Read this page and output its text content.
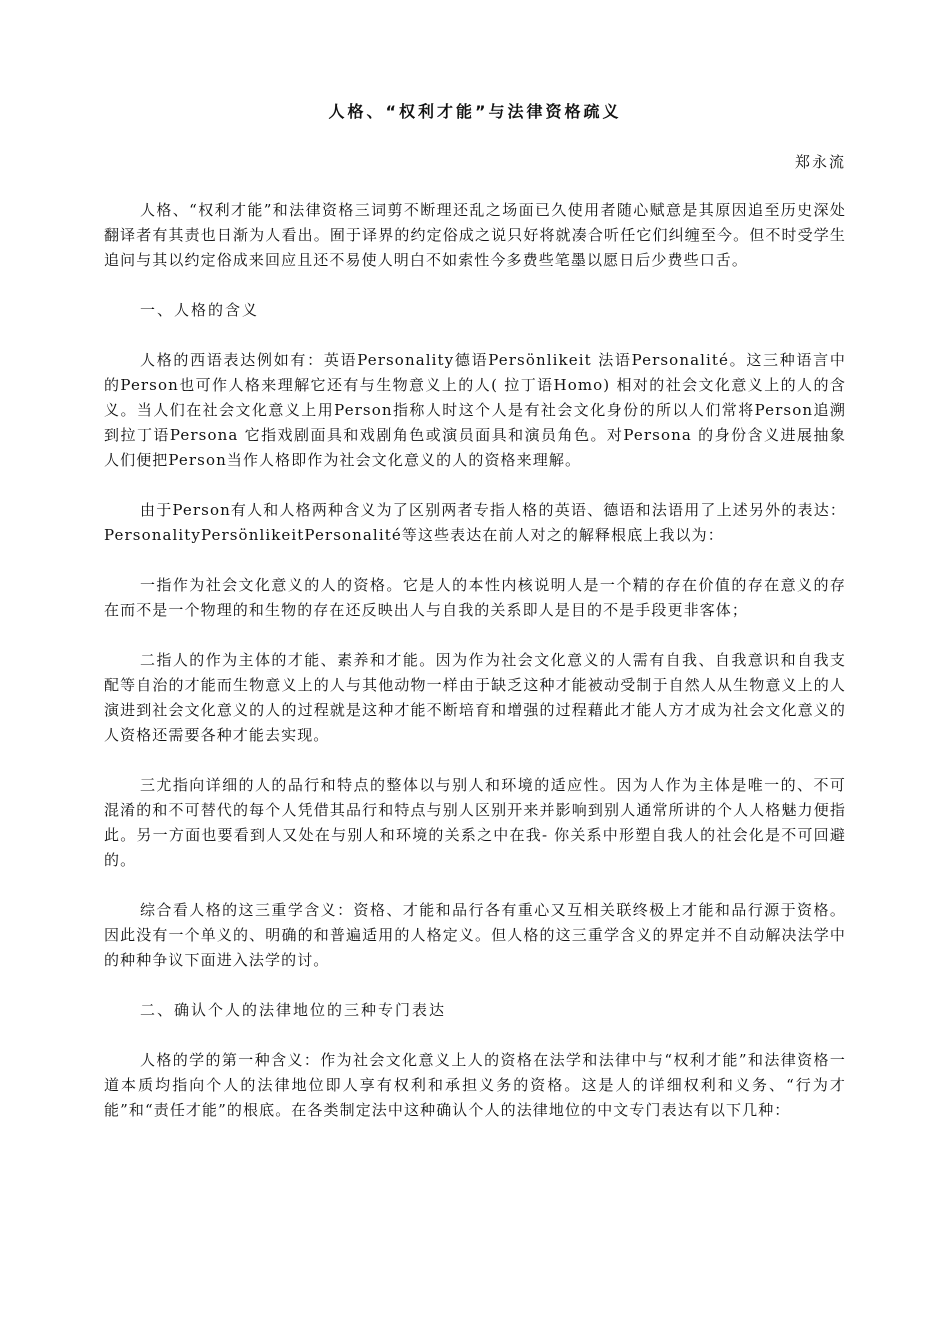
人格、“权利才能”与法律资格疏义
郑永流

人格、“权利才能”和法律资格三词剪不断理还乱之场面已久使用者随心赋意是其原因追至历史深处翻译者有其责也日渐为人看出。囿于译界的约定俗成之说只好将就凑合听任它们纠缠至今。但不时受学生追问与其以约定俗成来回应且还不易使人明白不如索性今多费些笔墨以愿日后少费些口舌。

一、人格的含义

人格的西语表达例如有：英语Personality德语Persönlikeit 法语Personalité。这三种语言中的Person也可作人格来理解它还有与生物意义上的人( 拉丁语Homo) 相对的社会文化意义上的人的含义。当人们在社会文化意义上用Person指称人时这个人是有社会文化身份的所以人们常将Person追溯到拉丁语Persona 它指戏剧面具和戏剧角色或演员面具和演员角色。对Persona 的身份含义进展抽象人们便把Person当作人格即作为社会文化意义的人的资格来理解。

由于Person有人和人格两种含义为了区别两者专指人格的英语、德语和法语用了上述另外的表达：PersonalityPersönlikeitPersonalité等这些表达在前人对之的解释根底上我以为：

一指作为社会文化意义的人的资格。它是人的本性内核说明人是一个精的存在价值的存在意义的存在而不是一个物理的和生物的存在还反映出人与自我的关系即人是目的不是手段更非客体；

二指人的作为主体的才能、素养和才能。因为作为社会文化意义的人需有自我、自我意识和自我支配等自治的才能而生物意义上的人与其他动物一样由于缺乏这种才能被动受制于自然人从生物意义上的人演进到社会文化意义的人的过程就是这种才能不断培育和增强的过程藉此才能人方才成为社会文化意义的人资格还需要各种才能去实现。

三尤指向详细的人的品行和特点的整体以与别人和环境的适应性。因为人作为主体是唯一的、不可混淆的和不可替代的每个人凭借其品行和特点与别人区别开来并影响到别人通常所讲的个人人格魅力便指此。另一方面也要看到人又处在与别人和环境的关系之中在我- 你关系中形塑自我人的社会化是不可回避的。

综合看人格的这三重学含义：资格、才能和品行各有重心又互相关联终极上才能和品行源于资格。因此没有一个单义的、明确的和普遍适用的人格定义。但人格的这三重学含义的界定并不自动解决法学中的种种争议下面进入法学的讨。

二、确认个人的法律地位的三种专门表达

人格的学的第一种含义：作为社会文化意义上人的资格在法学和法律中与“权利才能”和法律资格一道本质均指向个人的法律地位即人享有权利和承担义务的资格。这是人的详细权利和义务、“行为才能”和“责任才能”的根底。在各类制定法中这种确认个人的法律地位的中文专门表达有以下几种：
